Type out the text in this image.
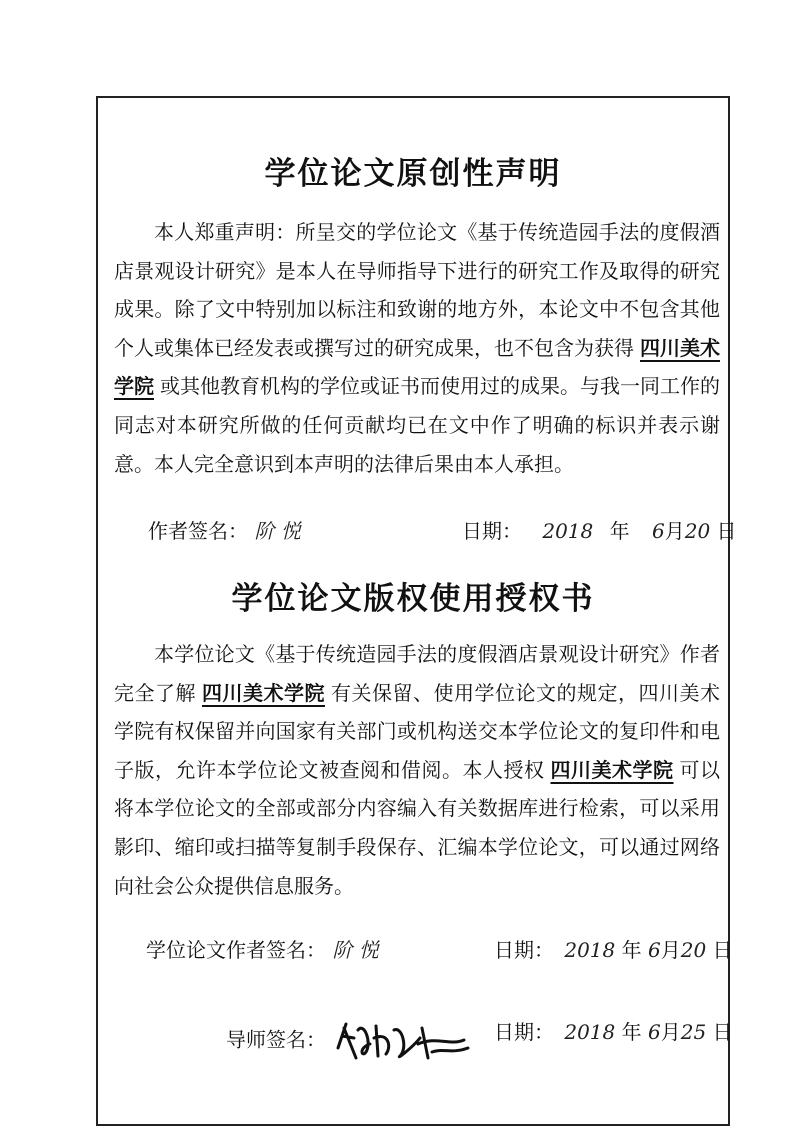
学位论文原创性声明

本人郑重声明：所呈交的学位论文《基于传统造园手法的度假酒店景观设计研究》是本人在导师指导下进行的研究工作及取得的研究成果。除了文中特别加以标注和致谢的地方外，本论文中不包含其他个人或集体已经发表或撰写过的研究成果，也不包含为获得 四川美术学院 或其他教育机构的学位或证书而使用过的成果。与我一同工作的同志对本研究所做的任何贡献均已在文中作了明确的标识并表示谢意。本人完全意识到本声明的法律后果由本人承担。

作者签名： 阶 悦	日期： 2018 年 6月20 日
学位论文版权使用授权书

本学位论文《基于传统造园手法的度假酒店景观设计研究》作者完全了解 四川美术学院 有关保留、使用学位论文的规定，四川美术学院有权保留并向国家有关部门或机构送交本学位论文的复印件和电子版，允许本学位论文被查阅和借阅。本人授权 四川美术学院 可以将本学位论文的全部或部分内容编入有关数据库进行检索，可以采用影印、缩印或扫描等复制手段保存、汇编本学位论文，可以通过网络向社会公众提供信息服务。

学位论文作者签名： 阶 悦	日期： 2018 年 6月20 日
导师签名：	日期： 2018 年 6月25 日
